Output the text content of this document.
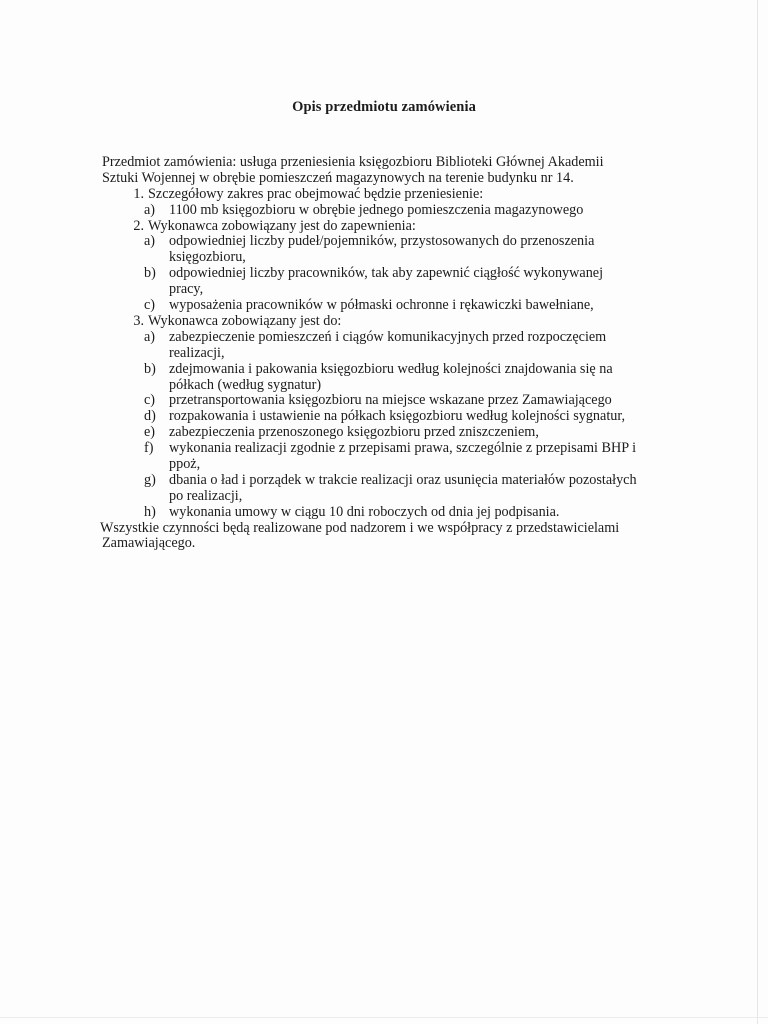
Opis przedmiotu zamówienia
Przedmiot zamówienia: usługa przeniesienia księgozbioru Biblioteki Głównej Akademii
Sztuki Wojennej w obrębie pomieszczeń magazynowych na terenie budynku nr 14.
1. Szczegółowy zakres prac obejmować będzie przeniesienie:
a) 1100 mb księgozbioru w obrębie jednego pomieszczenia magazynowego
2. Wykonawca zobowiązany jest do zapewnienia:
a) odpowiedniej liczby pudeł/pojemników, przystosowanych do przenoszenia
księgozbioru,
b) odpowiedniej liczby pracowników, tak aby zapewnić ciągłość wykonywanej
pracy,
c) wyposażenia pracowników w półmaski ochronne i rękawiczki bawełniane,
3. Wykonawca zobowiązany jest do:
a) zabezpieczenie pomieszczeń i ciągów komunikacyjnych przed rozpoczęciem
realizacji,
b) zdejmowania i pakowania księgozbioru według kolejności znajdowania się na
półkach (według sygnatur)
c) przetransportowania księgozbioru na miejsce wskazane przez Zamawiającego
d) rozpakowania i ustawienie na półkach księgozbioru według kolejności sygnatur,
e) zabezpieczenia przenoszonego księgozbioru przed zniszczeniem,
f)	wykonania realizacji zgodnie z przepisami prawa, szczególnie z przepisami BHP i
ppoż,
g) dbania o ład i porządek w trakcie realizacji oraz usunięcia materiałów pozostałych
po realizacji,
h) wykonania umowy w ciągu 10 dni roboczych od dnia jej podpisania.
Wszystkie czynności będą realizowane pod nadzorem i we współpracy z przedstawicielami
Zamawiającego.
